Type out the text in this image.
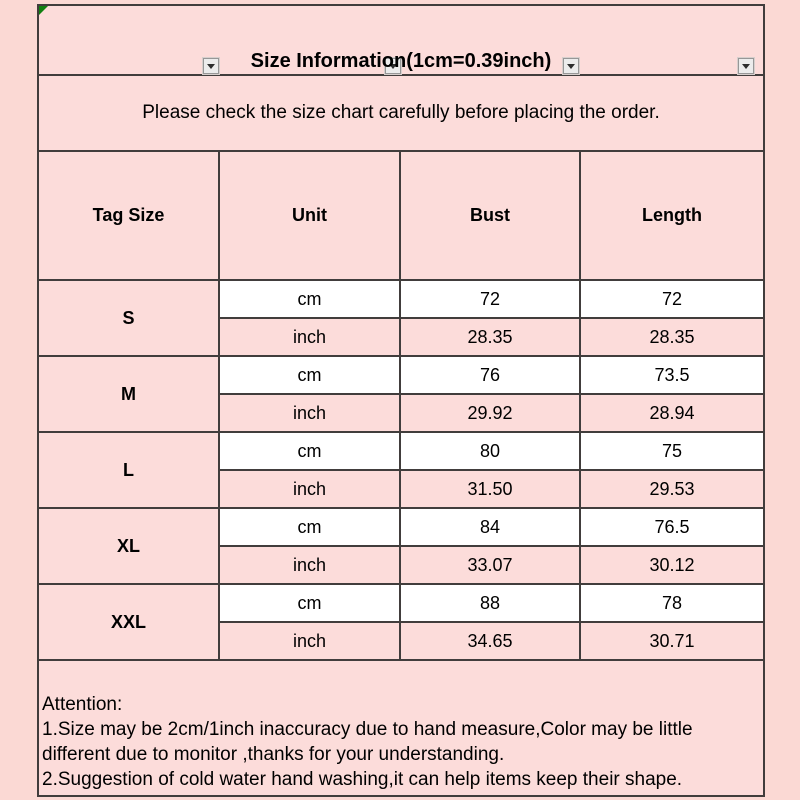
Size Information(1cm=0.39inch)
Please check the size chart carefully before placing the order.
Tag Size	Unit	Bust	Length
S	cm	72	72
	inch	28.35	28.35
M	cm	76	73.5
	inch	29.92	28.94
L	cm	80	75
	inch	31.50	29.53
XL	cm	84	76.5
	inch	33.07	30.12
XXL	cm	88	78
	inch	34.65	30.71
Attention:
1.Size may be 2cm/1inch inaccuracy due to hand measure,Color may be little
different due to monitor ,thanks for your understanding.
2.Suggestion of cold water hand washing,it can help items keep their shape.
